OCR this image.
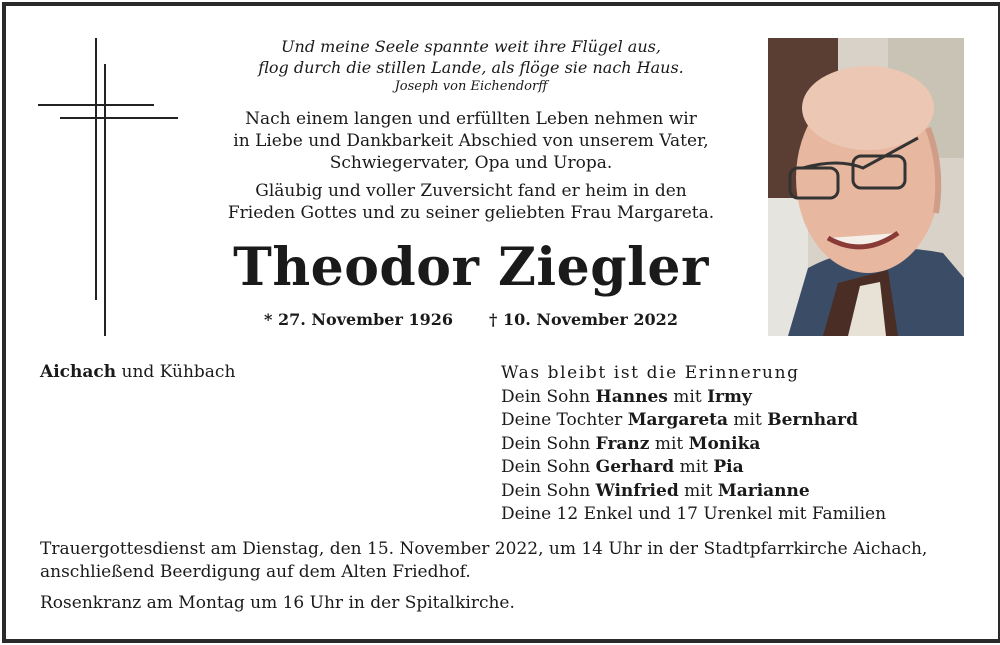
Und meine Seele spannte weit ihre Flügel aus,
flog durch die stillen Lande, als flöge sie nach Haus.
Joseph von Eichendorff
Nach einem langen und erfüllten Leben nehmen wir
in Liebe und Dankbarkeit Abschied von unserem Vater,
Schwiegervater, Opa und Uropa.
Gläubig und voller Zuversicht fand er heim in den
Frieden Gottes und zu seiner geliebten Frau Margareta.
Theodor Ziegler
* 27. November 1926 † 10. November 2022
Aichach und Kühbach	Was bleibt ist die Erinnerung
Dein Sohn Hannes mit Irmy
Deine Tochter Margareta mit Bernhard
Dein Sohn Franz mit Monika
Dein Sohn Gerhard mit Pia
Dein Sohn Winfried mit Marianne
Deine 12 Enkel und 17 Urenkel mit Familien

Trauergottesdienst am Dienstag, den 15. November 2022, um 14 Uhr in der Stadtpfarrkirche Aichach,

anschließend Beerdigung auf dem Alten Friedhof.

Rosenkranz am Montag um 16 Uhr in der Spitalkirche.
